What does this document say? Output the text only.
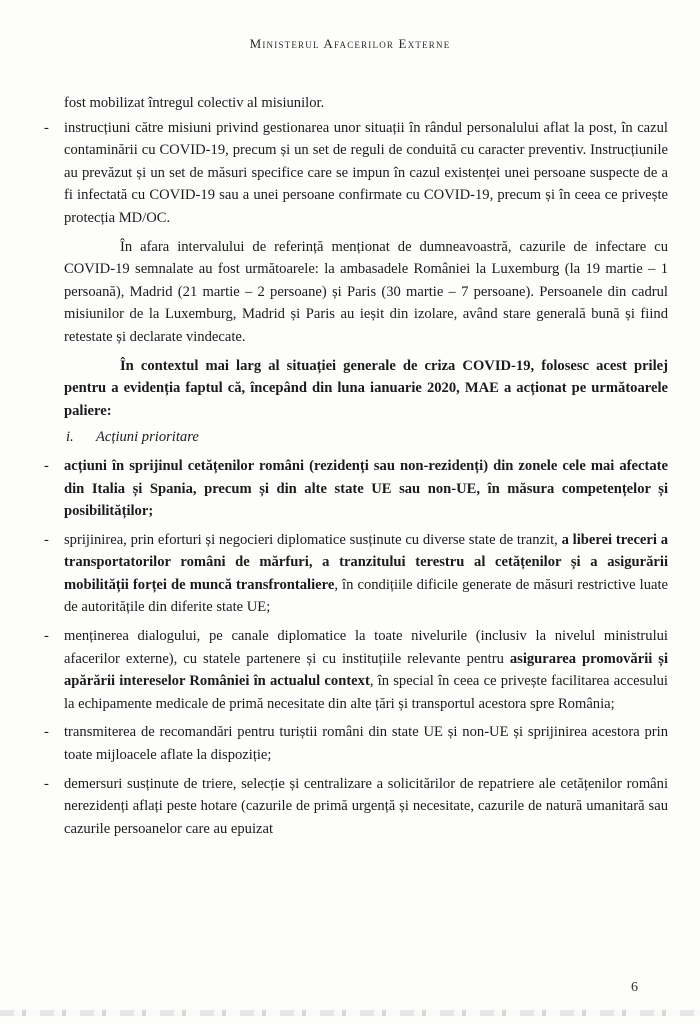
Ministerul Afacerilor Externe

fost mobilizat întregul colectiv al misiunilor.

- instrucțiuni către misiuni privind gestionarea unor situații în rândul personalului aflat la post, în cazul contaminării cu COVID-19, precum și un set de reguli de conduită cu caracter preventiv. Instrucțiunile au prevăzut și un set de măsuri specifice care se impun în cazul existenței unei persoane suspecte de a fi infectată cu COVID-19 sau a unei persoane confirmate cu COVID-19, precum și în ceea ce privește protecția MD/OC.

În afara intervalului de referință menționat de dumneavoastră, cazurile de infectare cu COVID-19 semnalate au fost următoarele: la ambasadele României la Luxemburg (la 19 martie – 1 persoană), Madrid (21 martie – 2 persoane) și Paris (30 martie – 7 persoane). Persoanele din cadrul misiunilor de la Luxemburg, Madrid și Paris au ieșit din izolare, având stare generală bună și fiind retestate și declarate vindecate.

În contextul mai larg al situației generale de criza COVID-19, folosesc acest prilej pentru a evidenția faptul că, începând din luna ianuarie 2020, MAE a acționat pe următoarele paliere:

i. Acțiuni prioritare
- acțiuni în sprijinul cetățenilor români (rezidenți sau non-rezidenți) din zonele cele mai afectate din Italia și Spania, precum și din alte state UE sau non-UE, în măsura competențelor și posibilităților;
- sprijinirea, prin eforturi și negocieri diplomatice susținute cu diverse state de tranzit, a liberei treceri a transportatorilor români de mărfuri, a tranzitului terestru al cetățenilor și a asigurării mobilității forței de muncă transfrontaliere, în condițiile dificile generate de măsuri restrictive luate de autoritățile din diferite state UE;
- menținerea dialogului, pe canale diplomatice la toate nivelurile (inclusiv la nivelul ministrului afacerilor externe), cu statele partenere și cu instituțiile relevante pentru asigurarea promovării și apărării intereselor României în actualul context, în special în ceea ce privește facilitarea accesului la echipamente medicale de primă necesitate din alte țări și transportul acestora spre România;
- transmiterea de recomandări pentru turiștii români din state UE și non-UE și sprijinirea acestora prin toate mijloacele aflate la dispoziție;
- demersuri susținute de triere, selecție și centralizare a solicitărilor de repatriere ale cetățenilor români nerezidenți aflați peste hotare (cazurile de primă urgență și necesitate, cazurile de natură umanitară sau cazurile persoanelor care au epuizat
6
